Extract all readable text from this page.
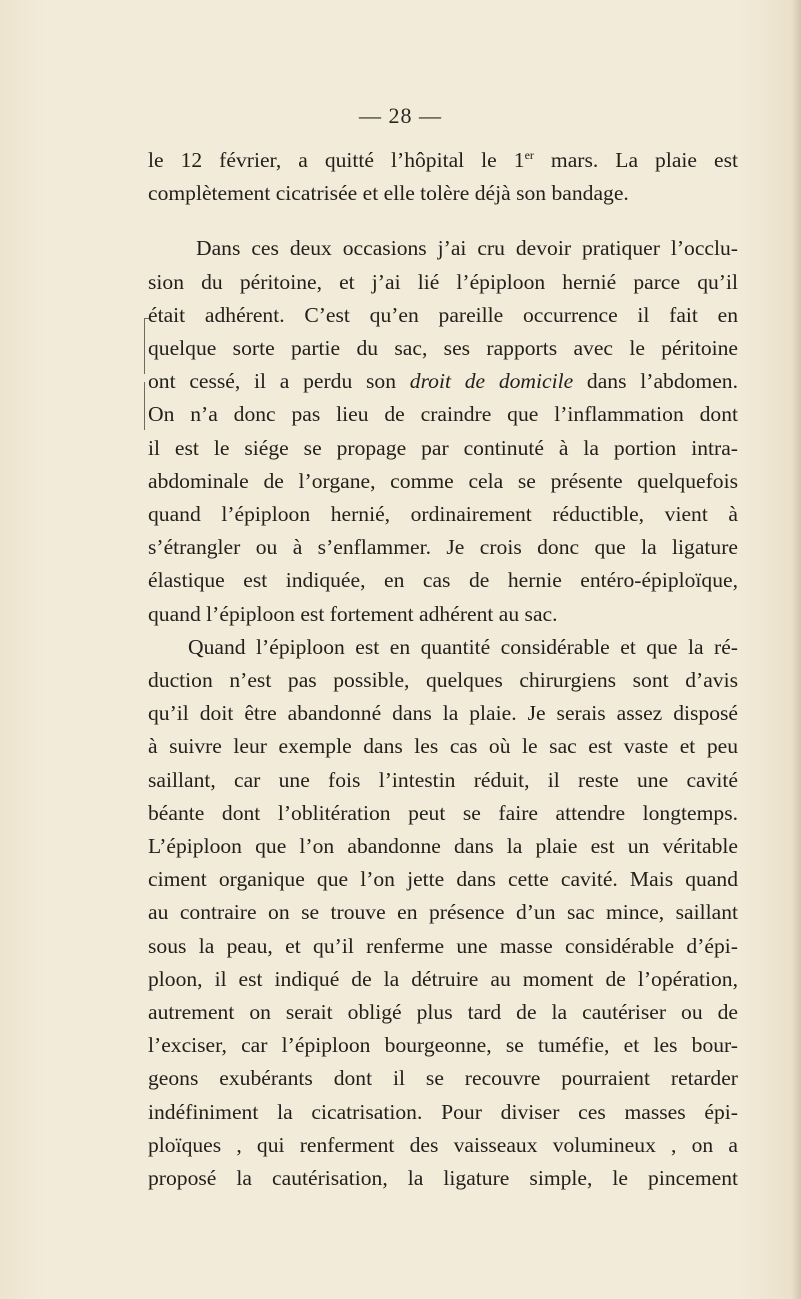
— 28 —
le 12 février, a quitté l’hôpital le 1er mars. La plaie est
complètement cicatrisée et elle tolère déjà son bandage.
Dans ces deux occasions j’ai cru devoir pratiquer l’occlu-
sion du péritoine, et j’ai lié l’épiploon hernié parce qu’il
était adhérent. C’est qu’en pareille occurrence il fait en
quelque sorte partie du sac, ses rapports avec le péritoine
ont cessé, il a perdu son droit de domicile dans l’abdomen.
On n’a donc pas lieu de craindre que l’inflammation dont
il est le siége se propage par continuté à la portion intra-
abdominale de l’organe, comme cela se présente quelquefois
quand l’épiploon hernié, ordinairement réductible, vient à
s’étrangler ou à s’enflammer. Je crois donc que la ligature
élastique est indiquée, en cas de hernie entéro-épiploïque,
quand l’épiploon est fortement adhérent au sac.
Quand l’épiploon est en quantité considérable et que la ré-
duction n’est pas possible, quelques chirurgiens sont d’avis
qu’il doit être abandonné dans la plaie. Je serais assez disposé
à suivre leur exemple dans les cas où le sac est vaste et peu
saillant, car une fois l’intestin réduit, il reste une cavité
béante dont l’oblitération peut se faire attendre longtemps.
L’épiploon que l’on abandonne dans la plaie est un véritable
ciment organique que l’on jette dans cette cavité. Mais quand
au contraire on se trouve en présence d’un sac mince, saillant
sous la peau, et qu’il renferme une masse considérable d’épi-
ploon, il est indiqué de la détruire au moment de l’opération,
autrement on serait obligé plus tard de la cautériser ou de
l’exciser, car l’épiploon bourgeonne, se tuméfie, et les bour-
geons exubérants dont il se recouvre pourraient retarder
indéfiniment la cicatrisation. Pour diviser ces masses épi-
ploïques , qui renferment des vaisseaux volumineux , on a
proposé la cautérisation, la ligature simple, le pincement
